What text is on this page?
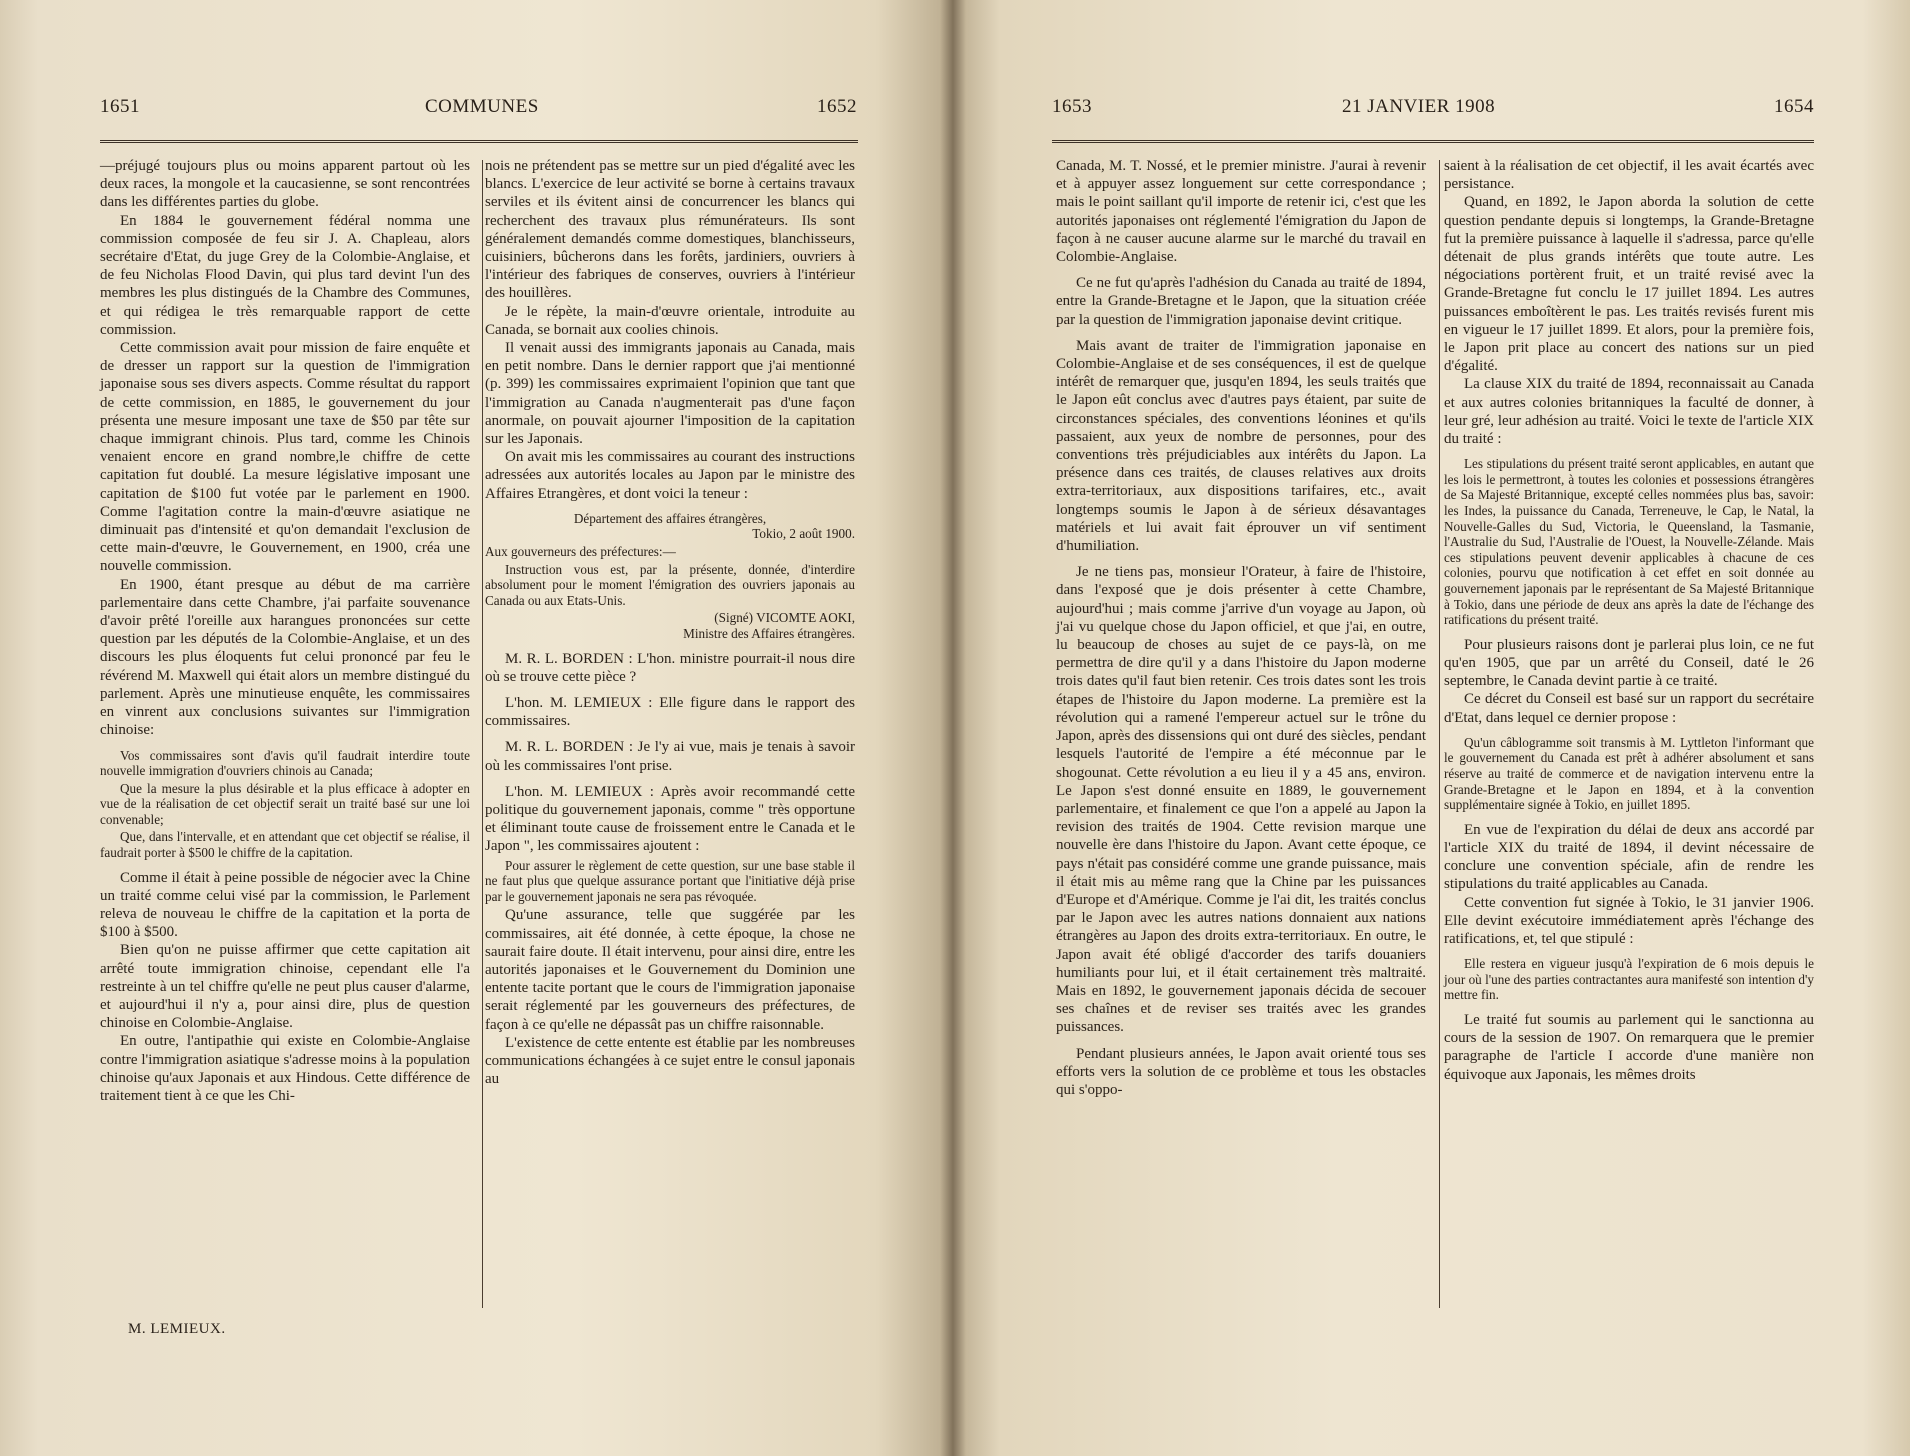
1651	COMMUNES	1652

—préjugé toujours plus ou moins apparent partout où les deux races, la mongole et la caucasienne, se sont rencontrées dans les différentes parties du globe.

En 1884 le gouvernement fédéral nomma une commission composée de feu sir J. A. Chapleau, alors secrétaire d'Etat, du juge Grey de la Colombie-Anglaise, et de feu Nicholas Flood Davin, qui plus tard devint l'un des membres les plus distingués de la Chambre des Communes, et qui rédigea le très remarquable rapport de cette commission.

Cette commission avait pour mission de faire enquête et de dresser un rapport sur la question de l'immigration japonaise sous ses divers aspects. Comme résultat du rapport de cette commission, en 1885, le gouvernement du jour présenta une mesure imposant une taxe de $50 par tête sur chaque immigrant chinois. Plus tard, comme les Chinois venaient encore en grand nombre,le chiffre de cette capitation fut doublé. La mesure législative imposant une capitation de $100 fut votée par le parlement en 1900. Comme l'agitation contre la main-d'œuvre asiatique ne diminuait pas d'intensité et qu'on demandait l'exclusion de cette main-d'œuvre, le Gouvernement, en 1900, créa une nouvelle commission.

En 1900, étant presque au début de ma carrière parlementaire dans cette Chambre, j'ai parfaite souvenance d'avoir prêté l'oreille aux harangues prononcées sur cette question par les députés de la Colombie-Anglaise, et un des discours les plus éloquents fut celui prononcé par feu le révérend M. Maxwell qui était alors un membre distingué du parlement. Après une minutieuse enquête, les commissaires en vinrent aux conclusions suivantes sur l'immigration chinoise:

Vos commissaires sont d'avis qu'il faudrait interdire toute nouvelle immigration d'ouvriers chinois au Canada;

Que la mesure la plus désirable et la plus efficace à adopter en vue de la réalisation de cet objectif serait un traité basé sur une loi convenable;

Que, dans l'intervalle, et en attendant que cet objectif se réalise, il faudrait porter à $500 le chiffre de la capitation.

Comme il était à peine possible de négocier avec la Chine un traité comme celui visé par la commission, le Parlement releva de nouveau le chiffre de la capitation et la porta de $100 à $500.

Bien qu'on ne puisse affirmer que cette capitation ait arrêté toute immigration chinoise, cependant elle l'a restreinte à un tel chiffre qu'elle ne peut plus causer d'alarme, et aujourd'hui il n'y a, pour ainsi dire, plus de question chinoise en Colombie-Anglaise.

En outre, l'antipathie qui existe en Colombie-Anglaise contre l'immigration asiatique s'adresse moins à la population chinoise qu'aux Japonais et aux Hindous. Cette différence de traitement tient à ce que les Chi-

nois ne prétendent pas se mettre sur un pied d'égalité avec les blancs. L'exercice de leur activité se borne à certains travaux serviles et ils évitent ainsi de concurrencer les blancs qui recherchent des travaux plus rémunérateurs. Ils sont généralement demandés comme domestiques, blanchisseurs, cuisiniers, bûcherons dans les forêts, jardiniers, ouvriers à l'intérieur des fabriques de conserves, ouvriers à l'intérieur des houillères.

Je le répète, la main-d'œuvre orientale, introduite au Canada, se bornait aux coolies chinois.

Il venait aussi des immigrants japonais au Canada, mais en petit nombre. Dans le dernier rapport que j'ai mentionné (p. 399) les commissaires exprimaient l'opinion que tant que l'immigration au Canada n'augmenterait pas d'une façon anormale, on pouvait ajourner l'imposition de la capitation sur les Japonais.

On avait mis les commissaires au courant des instructions adressées aux autorités locales au Japon par le ministre des Affaires Etrangères, et dont voici la teneur :

Département des affaires étrangères,

Tokio, 2 août 1900.

Aux gouverneurs des préfectures:—

Instruction vous est, par la présente, donnée, d'interdire absolument pour le moment l'émigration des ouvriers japonais au Canada ou aux Etats-Unis.

(Signé) VICOMTE AOKI,

Ministre des Affaires étrangères.

M. R. L. BORDEN : L'hon. ministre pourrait-il nous dire où se trouve cette pièce ?

L'hon. M. LEMIEUX : Elle figure dans le rapport des commissaires.

M. R. L. BORDEN : Je l'y ai vue, mais je tenais à savoir où les commissaires l'ont prise.

L'hon. M. LEMIEUX : Après avoir recommandé cette politique du gouvernement japonais, comme " très opportune et éliminant toute cause de froissement entre le Canada et le Japon ", les commissaires ajoutent :

Pour assurer le règlement de cette question, sur une base stable il ne faut plus que quelque assurance portant que l'initiative déjà prise par le gouvernement japonais ne sera pas révoquée.

Qu'une assurance, telle que suggérée par les commissaires, ait été donnée, à cette époque, la chose ne saurait faire doute. Il était intervenu, pour ainsi dire, entre les autorités japonaises et le Gouvernement du Dominion une entente tacite portant que le cours de l'immigration japonaise serait réglementé par les gouverneurs des préfectures, de façon à ce qu'elle ne dépassât pas un chiffre raisonnable.

L'existence de cette entente est établie par les nombreuses communications échangées à ce sujet entre le consul japonais au

M. LEMIEUX.
1653	21 JANVIER 1908	1654

Canada, M. T. Nossé, et le premier ministre. J'aurai à revenir et à appuyer assez longuement sur cette correspondance ; mais le point saillant qu'il importe de retenir ici, c'est que les autorités japonaises ont réglementé l'émigration du Japon de façon à ne causer aucune alarme sur le marché du travail en Colombie-Anglaise.

Ce ne fut qu'après l'adhésion du Canada au traité de 1894, entre la Grande-Bretagne et le Japon, que la situation créée par la question de l'immigration japonaise devint critique.

Mais avant de traiter de l'immigration japonaise en Colombie-Anglaise et de ses conséquences, il est de quelque intérêt de remarquer que, jusqu'en 1894, les seuls traités que le Japon eût conclus avec d'autres pays étaient, par suite de circonstances spéciales, des conventions léonines et qu'ils passaient, aux yeux de nombre de personnes, pour des conventions très préjudiciables aux intérêts du Japon. La présence dans ces traités, de clauses relatives aux droits extra-territoriaux, aux dispositions tarifaires, etc., avait longtemps soumis le Japon à de sérieux désavantages matériels et lui avait fait éprouver un vif sentiment d'humiliation.

Je ne tiens pas, monsieur l'Orateur, à faire de l'histoire, dans l'exposé que je dois présenter à cette Chambre, aujourd'hui ; mais comme j'arrive d'un voyage au Japon, où j'ai vu quelque chose du Japon officiel, et que j'ai, en outre, lu beaucoup de choses au sujet de ce pays-là, on me permettra de dire qu'il y a dans l'histoire du Japon moderne trois dates qu'il faut bien retenir. Ces trois dates sont les trois étapes de l'histoire du Japon moderne. La première est la révolution qui a ramené l'empereur actuel sur le trône du Japon, après des dissensions qui ont duré des siècles, pendant lesquels l'autorité de l'empire a été méconnue par le shogounat. Cette révolution a eu lieu il y a 45 ans, environ. Le Japon s'est donné ensuite en 1889, le gouvernement parlementaire, et finalement ce que l'on a appelé au Japon la revision des traités de 1904. Cette revision marque une nouvelle ère dans l'histoire du Japon. Avant cette époque, ce pays n'était pas considéré comme une grande puissance, mais il était mis au même rang que la Chine par les puissances d'Europe et d'Amérique. Comme je l'ai dit, les traités conclus par le Japon avec les autres nations donnaient aux nations étrangères au Japon des droits extra-territoriaux. En outre, le Japon avait été obligé d'accorder des tarifs douaniers humiliants pour lui, et il était certainement très maltraité. Mais en 1892, le gouvernement japonais décida de secouer ses chaînes et de reviser ses traités avec les grandes puissances.

Pendant plusieurs années, le Japon avait orienté tous ses efforts vers la solution de ce problème et tous les obstacles qui s'oppo-

saient à la réalisation de cet objectif, il les avait écartés avec persistance.

Quand, en 1892, le Japon aborda la solution de cette question pendante depuis si longtemps, la Grande-Bretagne fut la première puissance à laquelle il s'adressa, parce qu'elle détenait de plus grands intérêts que toute autre. Les négociations portèrent fruit, et un traité revisé avec la Grande-Bretagne fut conclu le 17 juillet 1894. Les autres puissances emboîtèrent le pas. Les traités revisés furent mis en vigueur le 17 juillet 1899. Et alors, pour la première fois, le Japon prit place au concert des nations sur un pied d'égalité.

La clause XIX du traité de 1894, reconnaissait au Canada et aux autres colonies britanniques la faculté de donner, à leur gré, leur adhésion au traité. Voici le texte de l'article XIX du traité :

Les stipulations du présent traité seront applicables, en autant que les lois le permettront, à toutes les colonies et possessions étrangères de Sa Majesté Britannique, excepté celles nommées plus bas, savoir: les Indes, la puissance du Canada, Terreneuve, le Cap, le Natal, la Nouvelle-Galles du Sud, Victoria, le Queensland, la Tasmanie, l'Australie du Sud, l'Australie de l'Ouest, la Nouvelle-Zélande. Mais ces stipulations peuvent devenir applicables à chacune de ces colonies, pourvu que notification à cet effet en soit donnée au gouvernement japonais par le représentant de Sa Majesté Britannique à Tokio, dans une période de deux ans après la date de l'échange des ratifications du présent traité.

Pour plusieurs raisons dont je parlerai plus loin, ce ne fut qu'en 1905, que par un arrêté du Conseil, daté le 26 septembre, le Canada devint partie à ce traité.

Ce décret du Conseil est basé sur un rapport du secrétaire d'Etat, dans lequel ce dernier propose :

Qu'un câblogramme soit transmis à M. Lyttleton l'informant que le gouvernement du Canada est prêt à adhérer absolument et sans réserve au traité de commerce et de navigation intervenu entre la Grande-Bretagne et le Japon en 1894, et à la convention supplémentaire signée à Tokio, en juillet 1895.

En vue de l'expiration du délai de deux ans accordé par l'article XIX du traité de 1894, il devint nécessaire de conclure une convention spéciale, afin de rendre les stipulations du traité applicables au Canada.

Cette convention fut signée à Tokio, le 31 janvier 1906. Elle devint exécutoire immédiatement après l'échange des ratifications, et, tel que stipulé :

Elle restera en vigueur jusqu'à l'expiration de 6 mois depuis le jour où l'une des parties contractantes aura manifesté son intention d'y mettre fin.

Le traité fut soumis au parlement qui le sanctionna au cours de la session de 1907. On remarquera que le premier paragraphe de l'article I accorde d'une manière non équivoque aux Japonais, les mêmes droits
